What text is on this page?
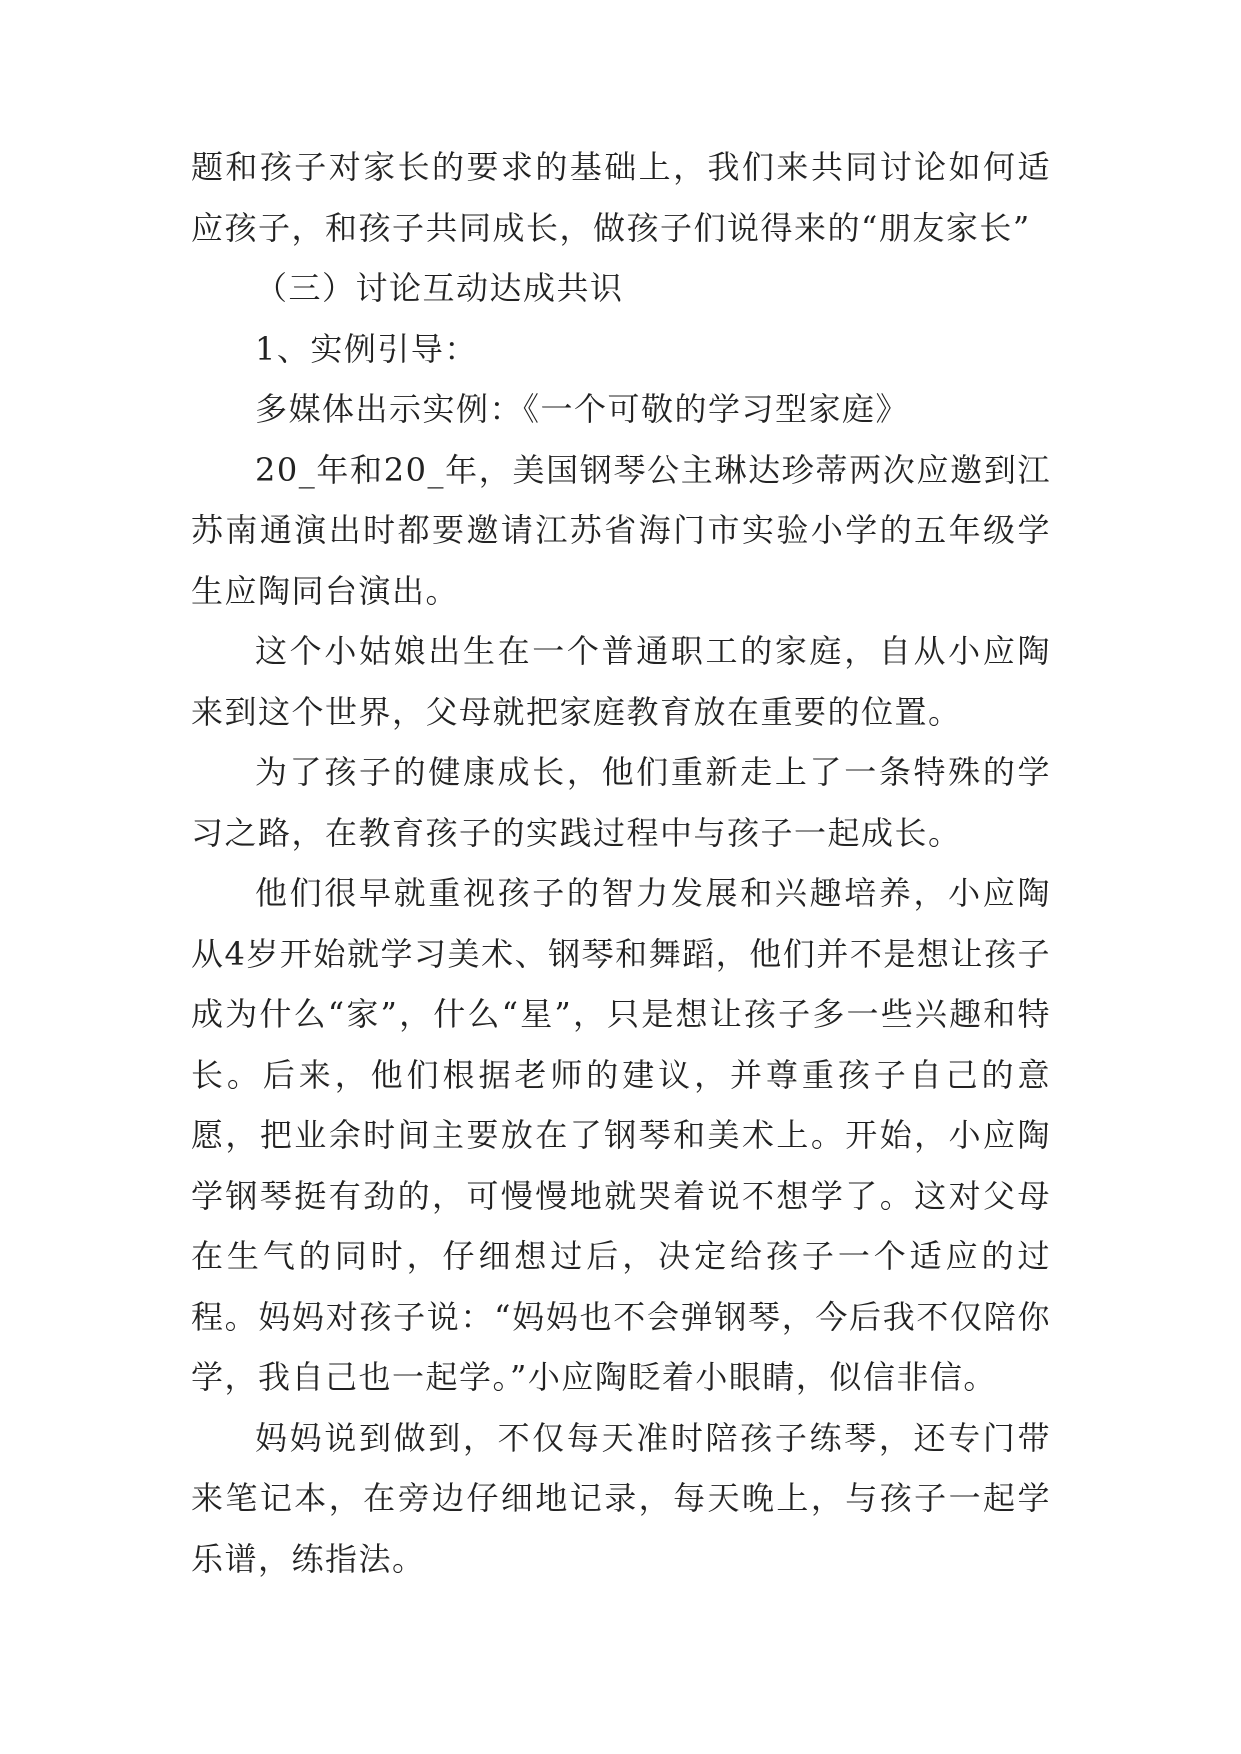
题和孩子对家长的要求的基础上，我们来共同讨论如何适应孩子，和孩子共同成长，做孩子们说得来的“朋友家长”

（三）讨论互动达成共识

1、实例引导：

多媒体出示实例：《一个可敬的学习型家庭》

20_年和20_年，美国钢琴公主琳达珍蒂两次应邀到江苏南通演出时都要邀请江苏省海门市实验小学的五年级学生应陶同台演出。

这个小姑娘出生在一个普通职工的家庭，自从小应陶来到这个世界，父母就把家庭教育放在重要的位置。

为了孩子的健康成长，他们重新走上了一条特殊的学习之路，在教育孩子的实践过程中与孩子一起成长。

他们很早就重视孩子的智力发展和兴趣培养，小应陶从4岁开始就学习美术、钢琴和舞蹈，他们并不是想让孩子成为什么“家”，什么“星”，只是想让孩子多一些兴趣和特长。后来，他们根据老师的建议，并尊重孩子自己的意愿，把业余时间主要放在了钢琴和美术上。开始，小应陶学钢琴挺有劲的，可慢慢地就哭着说不想学了。这对父母在生气的同时，仔细想过后，决定给孩子一个适应的过程。妈妈对孩子说：“妈妈也不会弹钢琴，今后我不仅陪你学，我自己也一起学。”小应陶眨着小眼睛，似信非信。

妈妈说到做到，不仅每天准时陪孩子练琴，还专门带来笔记本，在旁边仔细地记录，每天晚上，与孩子一起学乐谱，练指法。
